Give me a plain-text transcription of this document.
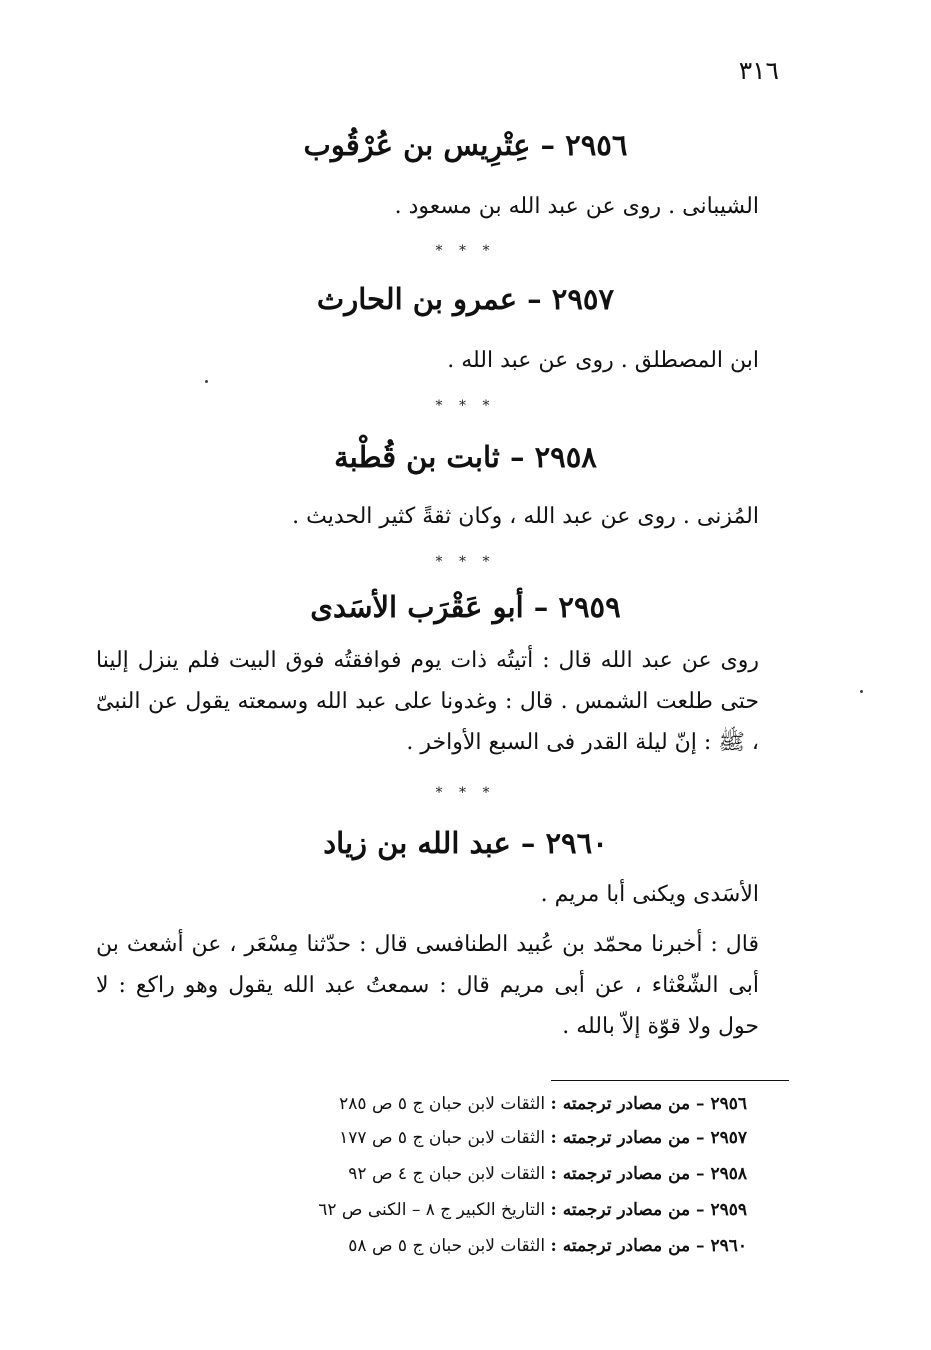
٣١٦
٢٩٥٦ – عِتْرِيس بن عُرْقُوب
الشيبانى . روى عن عبد الله بن مسعود .
* * *
٢٩٥٧ – عمرو بن الحارث
ابن المصطلق . روى عن عبد الله .
* * *
٢٩٥٨ – ثابت بن قُطْبة
المُزنى . روى عن عبد الله ، وكان ثقةً كثير الحديث .
* * *
٢٩٥٩ – أبو عَقْرَب الأسَدى
روى عن عبد الله قال : أتيتُه ذات يوم فوافقتُه فوق البيت فلم ينزل إلينا حتى طلعت الشمس . قال : وغدونا على عبد الله وسمعته يقول عن النبىّ ، ﷺ : إنّ ليلة القدر فى السبع الأواخر .
* * *
٢٩٦٠ – عبد الله بن زياد
الأسَدى ويكنى أبا مريم .
قال : أخبرنا محمّد بن عُبيد الطنافسى قال : حدّثنا مِسْعَر ، عن أشعث بن أبى الشّعْثاء ، عن أبى مريم قال : سمعتُ عبد الله يقول وهو راكع : لا حول ولا قوّة إلاّ بالله .
٢٩٥٦ – من مصادر ترجمته : الثقات لابن حبان ج ٥ ص ٢٨٥
٢٩٥٧ – من مصادر ترجمته : الثقات لابن حبان ج ٥ ص ١٧٧
٢٩٥٨ – من مصادر ترجمته : الثقات لابن حبان ج ٤ ص ٩٢
٢٩٥٩ – من مصادر ترجمته : التاريخ الكبير ج ٨ – الكنى ص ٦٢
٢٩٦٠ – من مصادر ترجمته : الثقات لابن حبان ج ٥ ص ٥٨
